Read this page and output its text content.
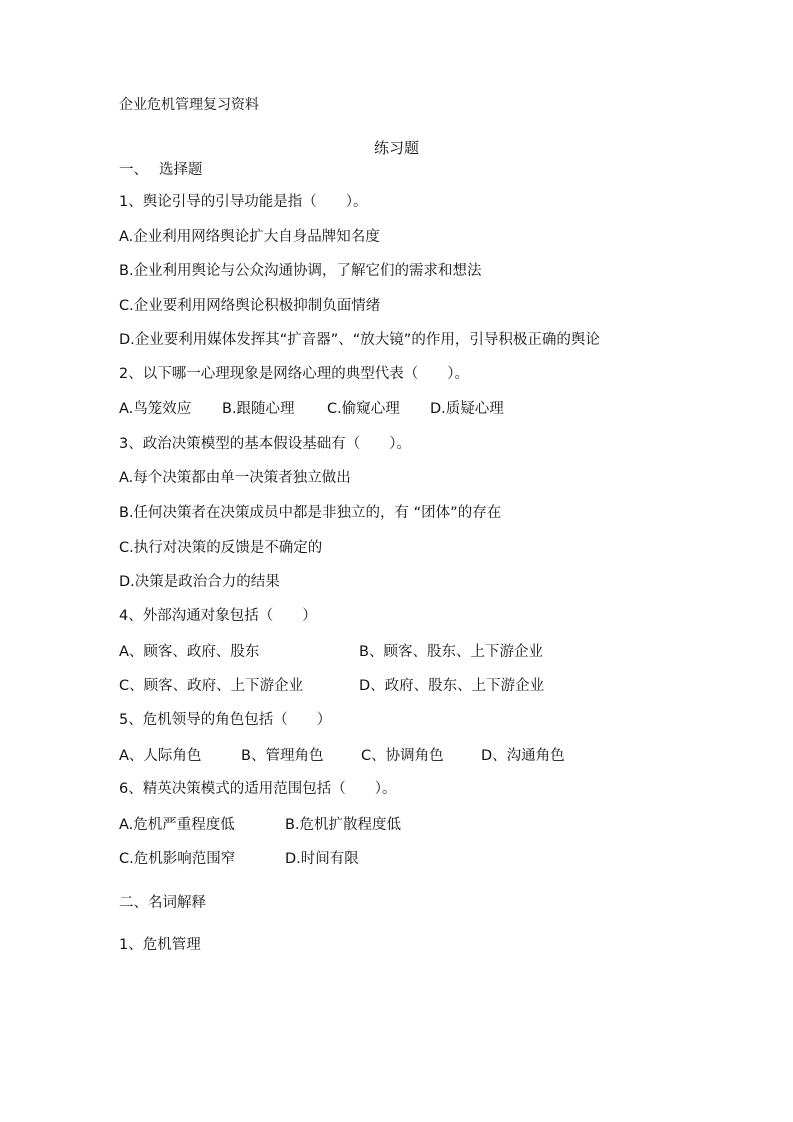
企业危机管理复习资料
练习题
一、 选择题
1、舆论引导的引导功能是指（　　）。
A.企业利用网络舆论扩大自身品牌知名度
B.企业利用舆论与公众沟通协调，了解它们的需求和想法
C.企业要利用网络舆论积极抑制负面情绪
D.企业要利用媒体发挥其“扩音器”、“放大镜”的作用，引导积极正确的舆论
2、以下哪一心理现象是网络心理的典型代表（　　）。
A.鸟笼效应 B.跟随心理 C.偷窥心理 D.质疑心理
3、政治决策模型的基本假设基础有（　　）。
A.每个决策都由单一决策者独立做出
B.任何决策者在决策成员中都是非独立的，有 “团体”的存在
C.执行对决策的反馈是不确定的
D.决策是政治合力的结果
4、外部沟通对象包括（　　）
A、顾客、政府、股东	B、顾客、股东、上下游企业
C、顾客、政府、上下游企业	D、政府、股东、上下游企业
5、危机领导的角色包括（　　）
A、人际角色	B、管理角色	C、协调角色	D、沟通角色
6、精英决策模式的适用范围包括（　　）。
A.危机严重程度低	B.危机扩散程度低
C.危机影响范围窄	D.时间有限
二、名词解释
1、危机管理
